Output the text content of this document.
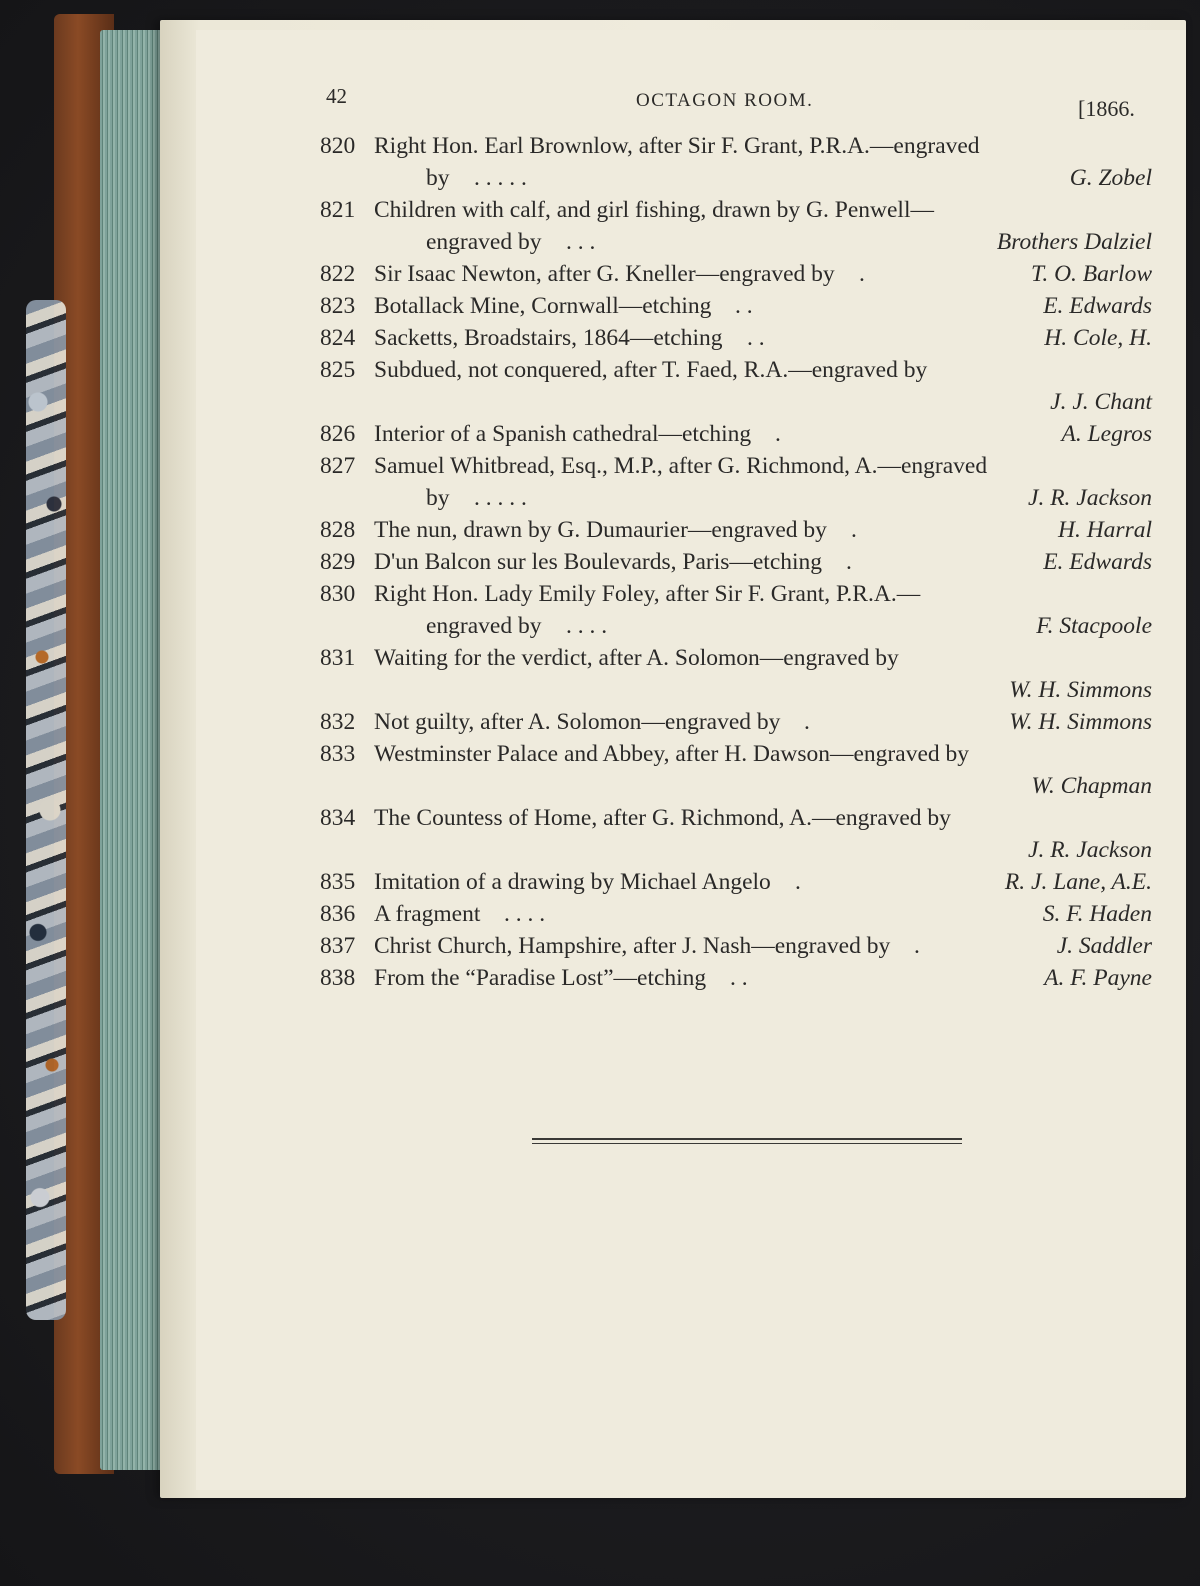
42	OCTAGON ROOM.	[1866.
820 Right Hon. Earl Brownlow, after Sir F. Grant, P.R.A.—engraved
by . . . . .	G. Zobel
821 Children with calf, and girl fishing, drawn by G. Penwell—
engraved by . . .	Brothers Dalziel
822 Sir Isaac Newton, after G. Kneller—engraved by .	T. O. Barlow
823 Botallack Mine, Cornwall—etching . .	E. Edwards
824 Sacketts, Broadstairs, 1864—etching . .	H. Cole, H.
825 Subdued, not conquered, after T. Faed, R.A.—engraved by
J. J. Chant
826 Interior of a Spanish cathedral—etching .	A. Legros
827 Samuel Whitbread, Esq., M.P., after G. Richmond, A.—engraved
by . . . . .	J. R. Jackson
828 The nun, drawn by G. Dumaurier—engraved by .	H. Harral
829 D'un Balcon sur les Boulevards, Paris—etching .	E. Edwards
830 Right Hon. Lady Emily Foley, after Sir F. Grant, P.R.A.—
engraved by . . . .	F. Stacpoole
831 Waiting for the verdict, after A. Solomon—engraved by
W. H. Simmons
832 Not guilty, after A. Solomon—engraved by .	W. H. Simmons
833 Westminster Palace and Abbey, after H. Dawson—engraved by
W. Chapman
834 The Countess of Home, after G. Richmond, A.—engraved by
J. R. Jackson
835 Imitation of a drawing by Michael Angelo .	R. J. Lane, A.E.
836 A fragment . . . .	S. F. Haden
837 Christ Church, Hampshire, after J. Nash—engraved by .	J. Saddler
838 From the “Paradise Lost”—etching . .	A. F. Payne
